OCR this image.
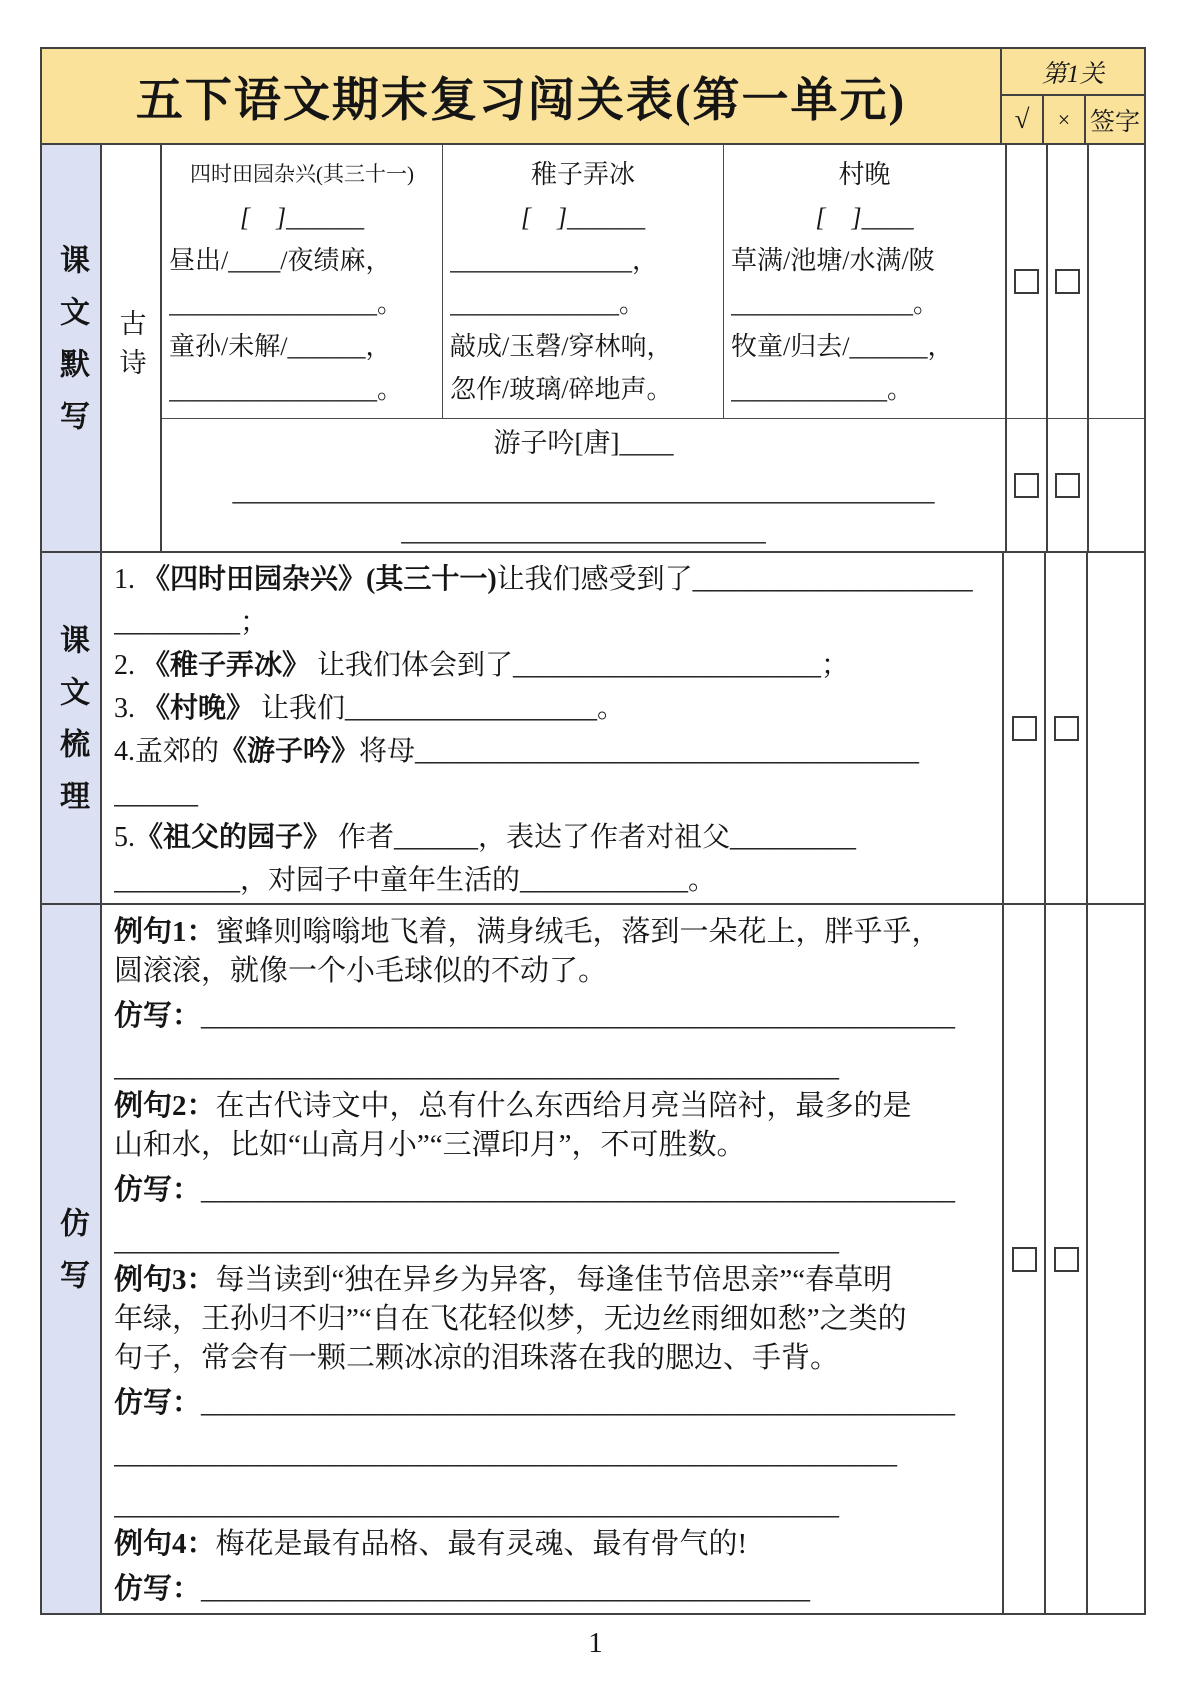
五下语文期末复习闯关表(第一单元)
第1关
√	× 签字
课文默写	古诗
四时田园杂兴(其三十一)
[　]______
昼出/____/夜绩麻，
________________。
童孙/未解/______，
________________。
稚子弄冰
[　]______
______________，
_____________。
敲成/玉磬/穿林响，
忽作/玻璃/碎地声。
村晚
[　]____
草满/池塘/水满/陂
______________。
牧童/归去/______，
____________。
游子吟[唐]____
____________________________________________________
___________________________
课文梳理
1. 《四时田园杂兴》(其三十一)让我们感受到了____________________
_________；
2. 《稚子弄冰》 让我们体会到了______________________；
3. 《村晚》 让我们__________________。
4.孟郊的《游子吟》将母____________________________________
______
5.《祖父的园子》 作者______，表达了作者对祖父_________
_________，对园子中童年生活的____________。
仿写
例句1：蜜蜂则嗡嗡地飞着，满身绒毛，落到一朵花上，胖乎乎，
圆滚滚，就像一个小毛球似的不动了。
仿写：____________________________________________________
__________________________________________________
例句2：在古代诗文中，总有什么东西给月亮当陪衬，最多的是
山和水，比如“山高月小”“三潭印月”，不可胜数。
仿写：____________________________________________________
__________________________________________________
例句3：每当读到“独在异乡为异客，每逢佳节倍思亲”“春草明
年绿，王孙归不归”“自在飞花轻似梦，无边丝雨细如愁”之类的
句子，常会有一颗二颗冰凉的泪珠落在我的腮边、手背。
仿写：____________________________________________________
______________________________________________________
__________________________________________________
例句4：梅花是最有品格、最有灵魂、最有骨气的!
仿写：__________________________________________
1
